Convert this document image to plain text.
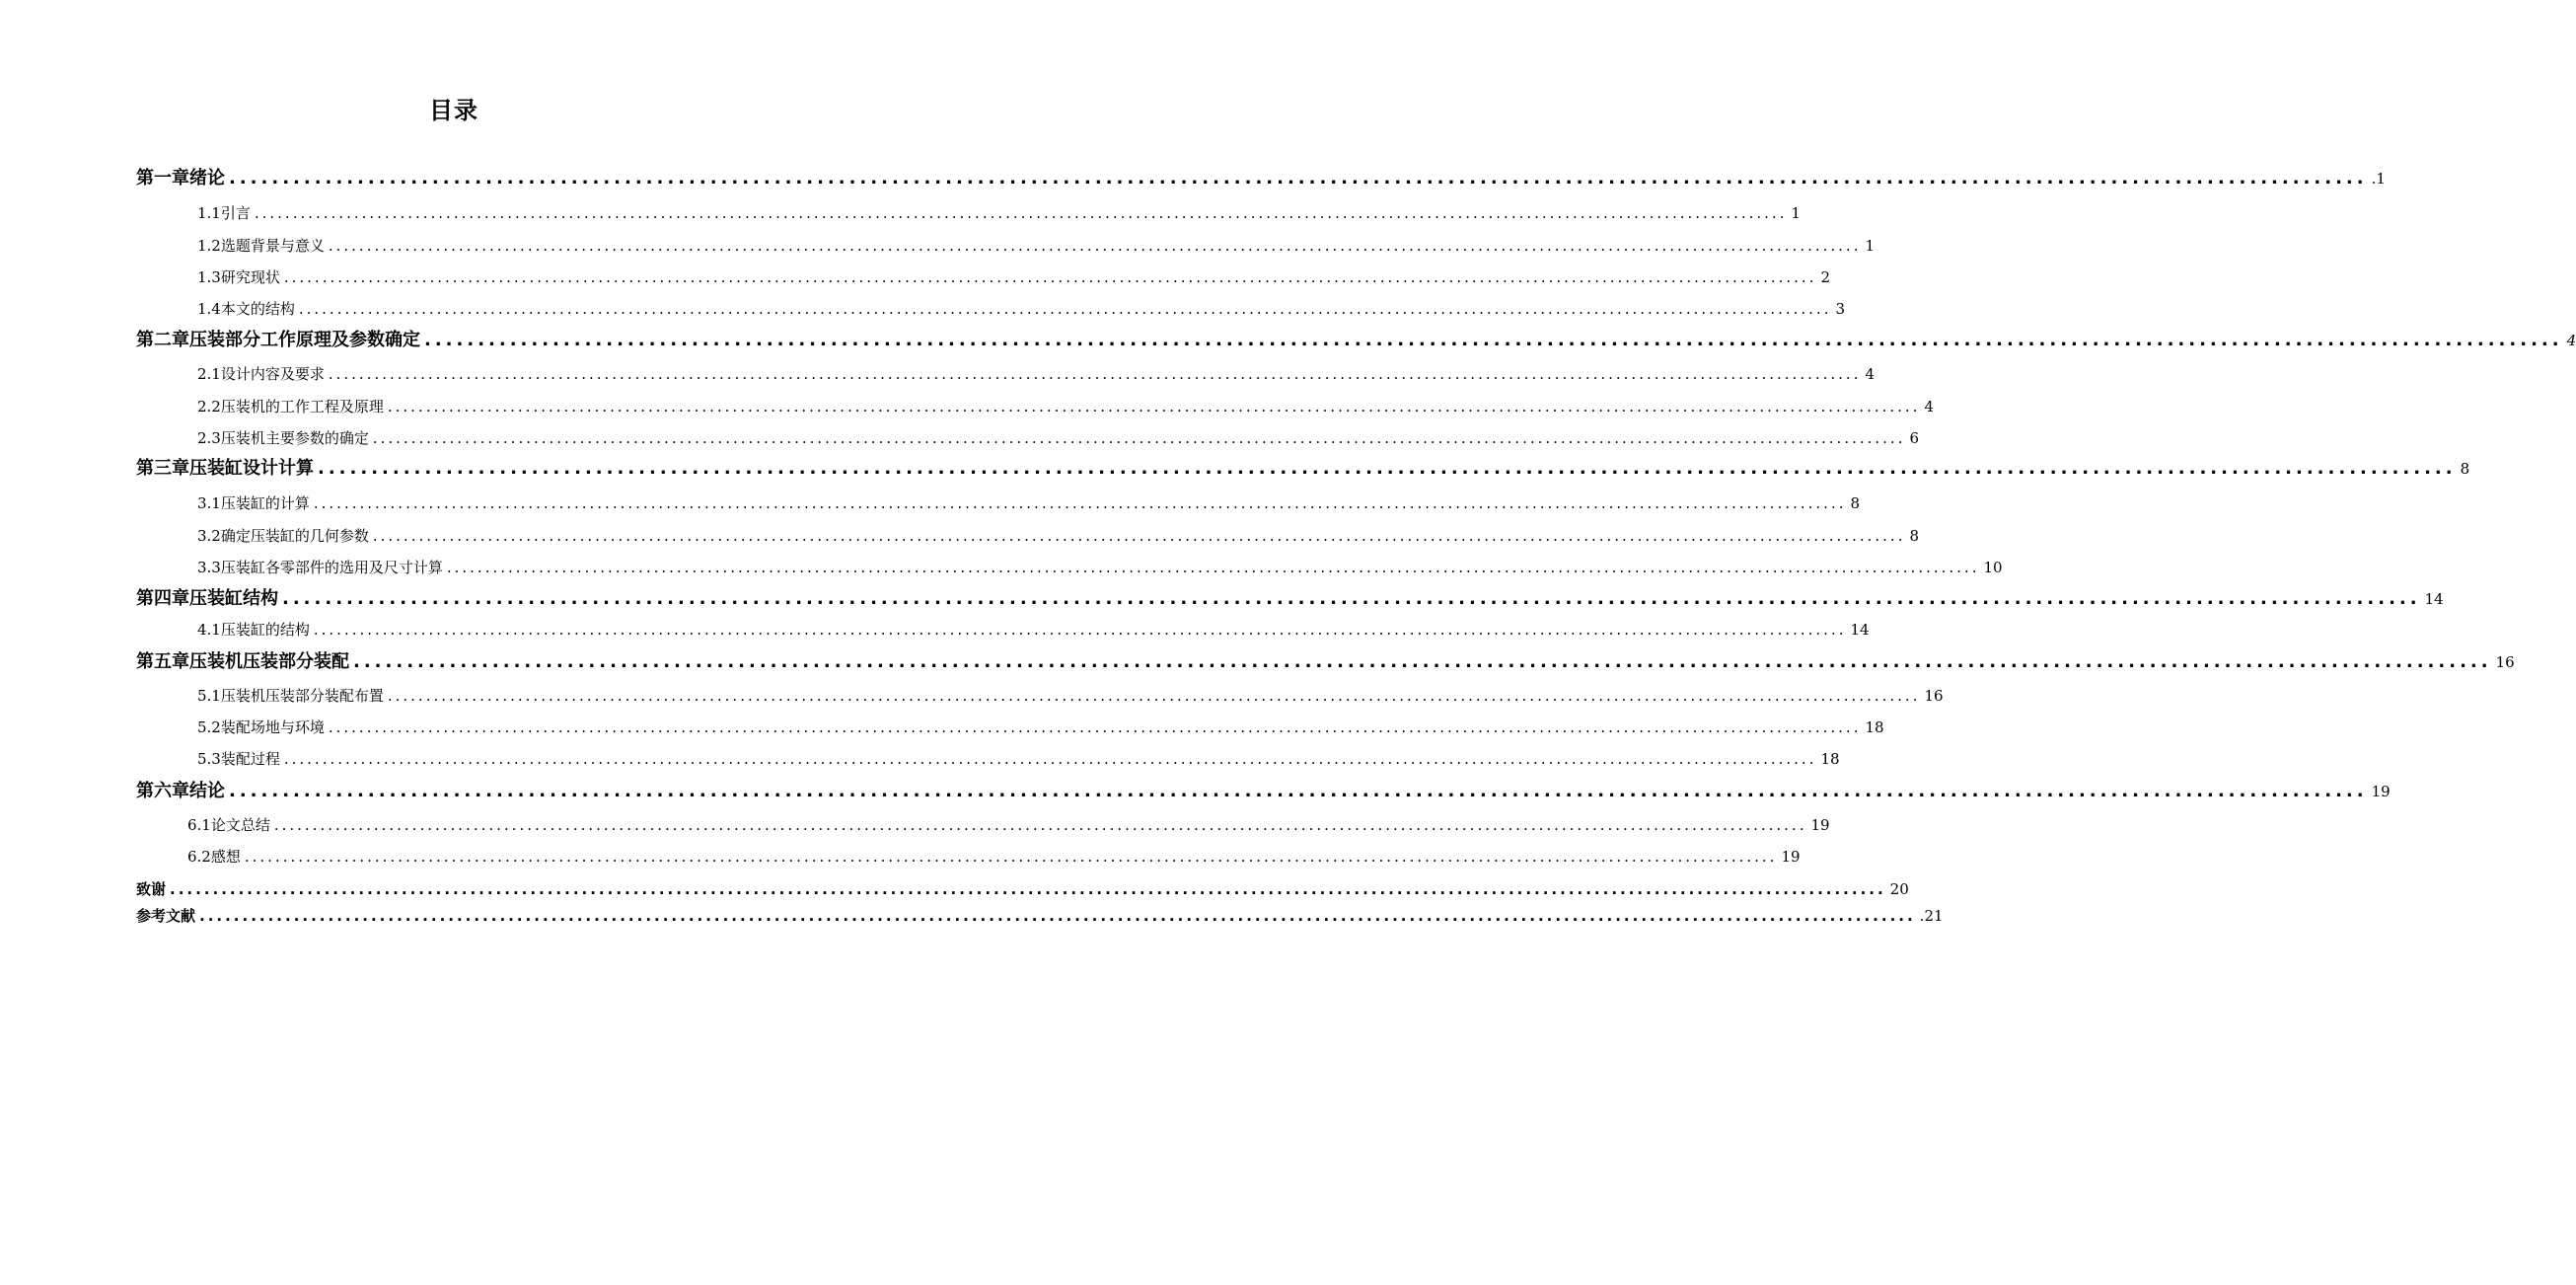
目录
第一章绪论 ........................................................................................................................................................................................................ .1
1.1引言 ........................................................................................................................................................................................................ 1
1.2选题背景与意义 ........................................................................................................................................................................................................ 1
1.3研究现状 ........................................................................................................................................................................................................ 2
1.4本文的结构 ........................................................................................................................................................................................................ 3
第二章压装部分工作原理及参数确定 ........................................................................................................................................................................................................ 4
2.1设计内容及要求 ........................................................................................................................................................................................................ 4
2.2压装机的工作工程及原理 ........................................................................................................................................................................................................ 4
2.3压装机主要参数的确定 ........................................................................................................................................................................................................ 6
第三章压装缸设计计算 ........................................................................................................................................................................................................ 8
3.1压装缸的计算 ........................................................................................................................................................................................................ 8
3.2确定压装缸的几何参数 ........................................................................................................................................................................................................ 8
3.3压装缸各零部件的选用及尺寸计算 ........................................................................................................................................................................................................ 10
第四章压装缸结构 ........................................................................................................................................................................................................ 14
4.1压装缸的结构 ........................................................................................................................................................................................................ 14
第五章压装机压装部分装配 ........................................................................................................................................................................................................ 16
5.1压装机压装部分装配布置 ........................................................................................................................................................................................................ 16
5.2装配场地与环境 ........................................................................................................................................................................................................ 18
5.3装配过程 ........................................................................................................................................................................................................ 18
第六章结论 ........................................................................................................................................................................................................ 19
6.1论文总结 ........................................................................................................................................................................................................ 19
6.2感想 ........................................................................................................................................................................................................ 19
致谢 ........................................................................................................................................................................................................ 20
参考文献 ........................................................................................................................................................................................................ .21
